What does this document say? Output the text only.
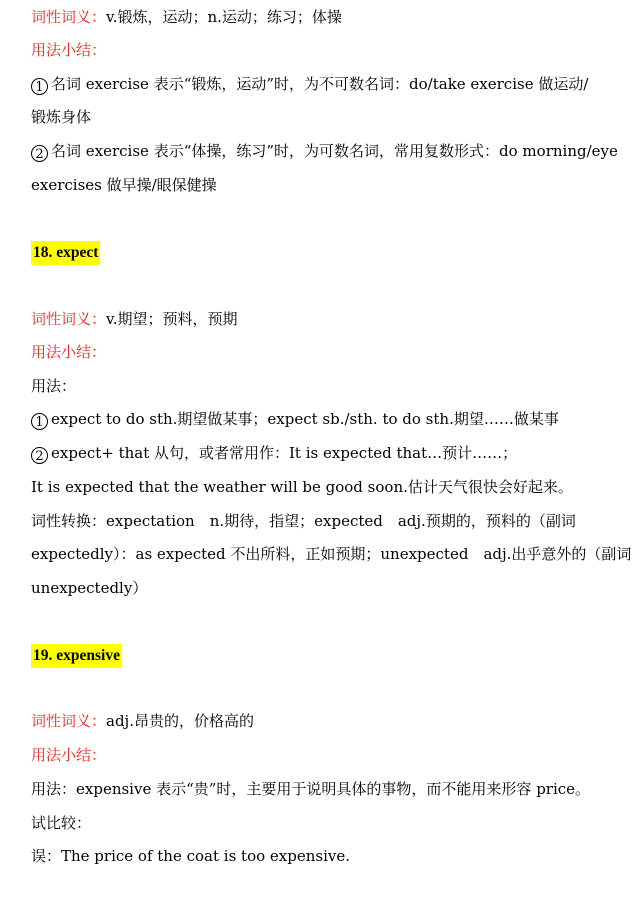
词性词义：v.锻炼，运动；n.运动；练习；体操
用法小结：
1 名词 exercise 表示“锻炼，运动”时，为不可数名词：do/take exercise 做运动/
锻炼身体
2 名词 exercise 表示“体操，练习”时，为可数名词，常用复数形式：do morning/eye
exercises 做早操/眼保健操
18. expect
词性词义：v.期望；预料，预期
用法小结：
用法：
1 expect to do sth.期望做某事；expect sb./sth. to do sth.期望……做某事
2 expect+ that 从句，或者常用作：It is expected that…预计……；
It is expected that the weather will be good soon.估计天气很快会好起来。
词性转换：expectation　n.期待，指望；expected　adj.预期的，预料的（副词
expectedly）：as expected 不出所料，正如预期；unexpected　adj.出乎意外的（副词
unexpectedly）
19. expensive
词性词义：adj.昂贵的，价格高的
用法小结：
用法：expensive 表示“贵”时，主要用于说明具体的事物，而不能用来形容 price。
试比较：
误：The price of the coat is too expensive.
